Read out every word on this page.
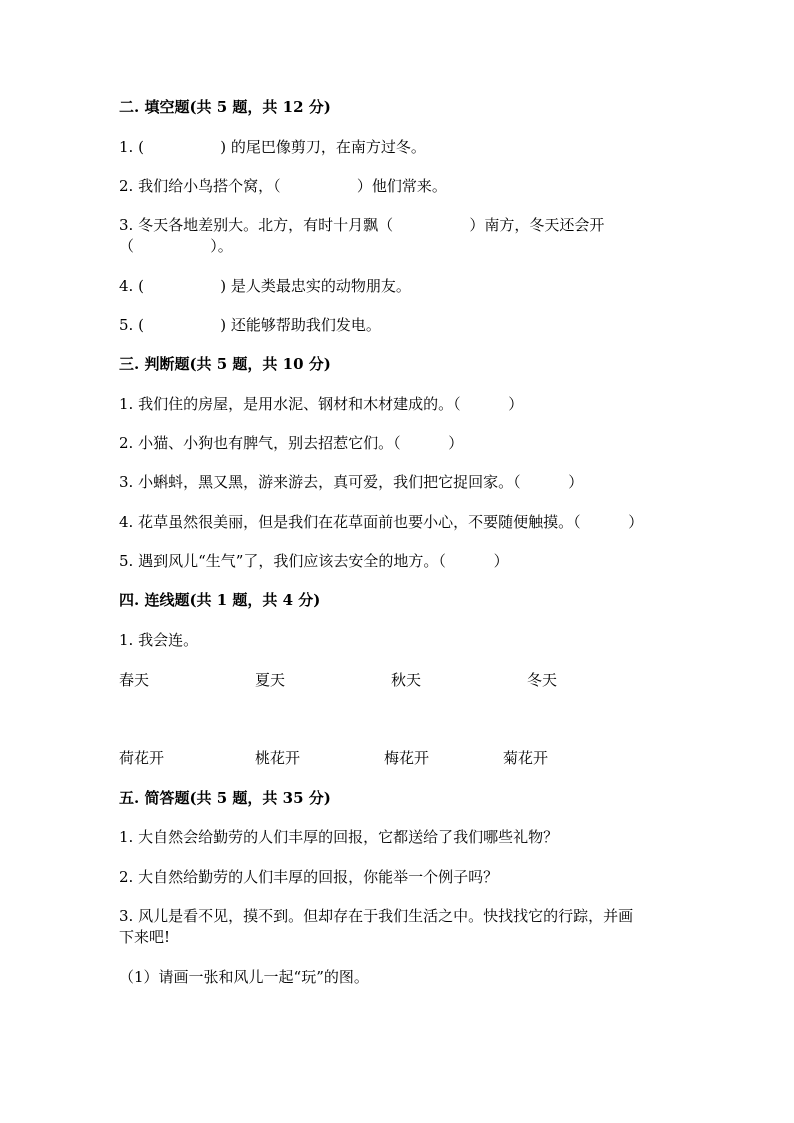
二. 填空题(共 5 题，共 12 分)
1. (                ) 的尾巴像剪刀，在南方过冬。
2. 我们给小鸟搭个窝，（                ）他们常来。
3. 冬天各地差别大。北方，有时十月飘（                ）南方，冬天还会开
（                ）。
4. (                ) 是人类最忠实的动物朋友。
5. (                ) 还能够帮助我们发电。
三. 判断题(共 5 题，共 10 分)
1. 我们住的房屋，是用水泥、钢材和木材建成的。（          ）
2. 小猫、小狗也有脾气，别去招惹它们。（          ）
3. 小蝌蚪，黑又黑，游来游去，真可爱，我们把它捉回家。（          ）
4. 花草虽然很美丽，但是我们在花草面前也要小心，不要随便触摸。（          ）
5. 遇到风儿“生气”了，我们应该去安全的地方。（          ）
四. 连线题(共 1 题，共 4 分)
1. 我会连。
春天	夏天	秋天	冬天
荷花开	桃花开	梅花开	菊花开
五. 简答题(共 5 题，共 35 分)
1. 大自然会给勤劳的人们丰厚的回报，它都送给了我们哪些礼物？
2. 大自然给勤劳的人们丰厚的回报，你能举一个例子吗？
3. 风儿是看不见，摸不到。但却存在于我们生活之中。快找找它的行踪，并画
下来吧!
（1）请画一张和风儿一起“玩”的图。
